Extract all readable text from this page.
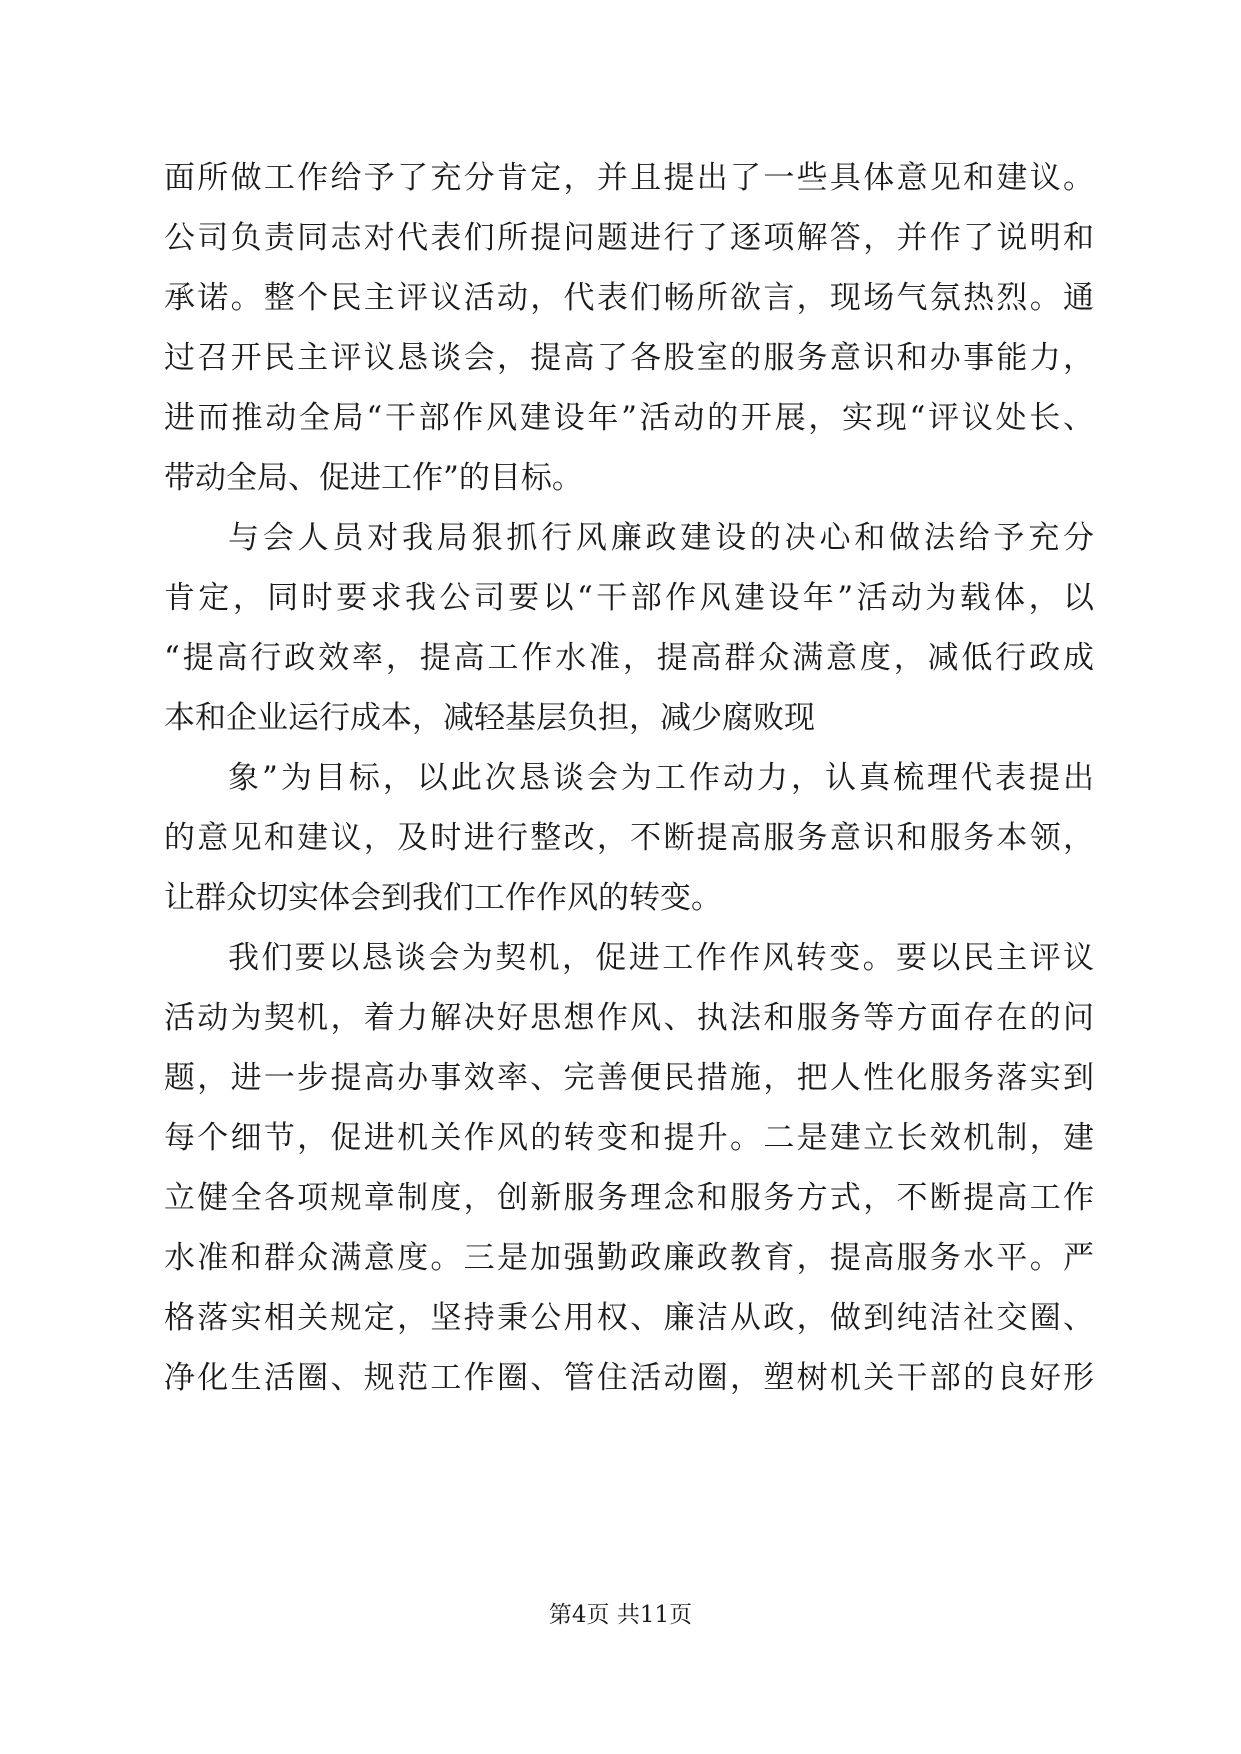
面所做工作给予了充分肯定，并且提出了一些具体意见和建议。
公司负责同志对代表们所提问题进行了逐项解答，并作了说明和
承诺。整个民主评议活动，代表们畅所欲言，现场气氛热烈。通
过召开民主评议恳谈会，提高了各股室的服务意识和办事能力，
进而推动全局“干部作风建设年”活动的开展，实现“评议处长、
带动全局、促进工作”的目标。
与会人员对我局狠抓行风廉政建设的决心和做法给予充分
肯定，同时要求我公司要以“干部作风建设年”活动为载体，以
“提高行政效率，提高工作水准，提高群众满意度，减低行政成
本和企业运行成本，减轻基层负担，减少腐败现
象”为目标，以此次恳谈会为工作动力，认真梳理代表提出
的意见和建议，及时进行整改，不断提高服务意识和服务本领，
让群众切实体会到我们工作作风的转变。
我们要以恳谈会为契机，促进工作作风转变。要以民主评议
活动为契机，着力解决好思想作风、执法和服务等方面存在的问
题，进一步提高办事效率、完善便民措施，把人性化服务落实到
每个细节，促进机关作风的转变和提升。二是建立长效机制，建
立健全各项规章制度，创新服务理念和服务方式，不断提高工作
水准和群众满意度。三是加强勤政廉政教育，提高服务水平。严
格落实相关规定，坚持秉公用权、廉洁从政，做到纯洁社交圈、
净化生活圈、规范工作圈、管住活动圈，塑树机关干部的良好形
第4页 共11页
